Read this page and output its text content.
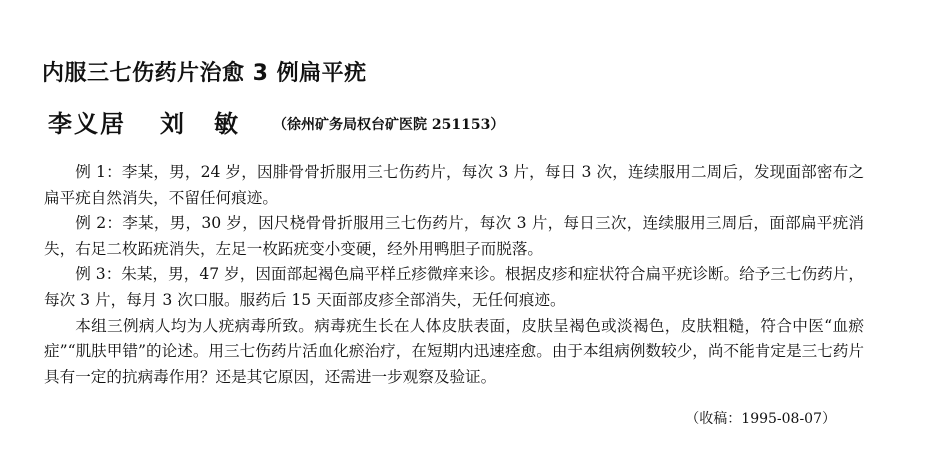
内服三七伤药片治愈 3 例扁平疣
李义居 刘敏 （徐州矿务局权台矿医院 251153）

例 1：李某，男，24 岁，因腓骨骨折服用三七伤药片，每次 3 片，每日 3 次，连续服用二周后，发现面部密布之扁平疣自然消失，不留任何痕迹。

例 2：李某，男，30 岁，因尺桡骨骨折服用三七伤药片，每次 3 片，每日三次，连续服用三周后，面部扁平疣消失，右足二枚跖疣消失，左足一枚跖疣变小变硬，经外用鸭胆子而脱落。

例 3：朱某，男，47 岁，因面部起褐色扁平样丘疹微痒来诊。根据皮疹和症状符合扁平疣诊断。给予三七伤药片，每次 3 片，每月 3 次口服。服药后 15 天面部皮疹全部消失，无任何痕迹。

本组三例病人均为人疣病毒所致。病毒疣生长在人体皮肤表面，皮肤呈褐色或淡褐色，皮肤粗糙，符合中医“血瘀症”“肌肤甲错”的论述。用三七伤药片活血化瘀治疗，在短期内迅速痊愈。由于本组病例数较少，尚不能肯定是三七药片具有一定的抗病毒作用？还是其它原因，还需进一步观察及验证。

（收稿：1995-08-07）
